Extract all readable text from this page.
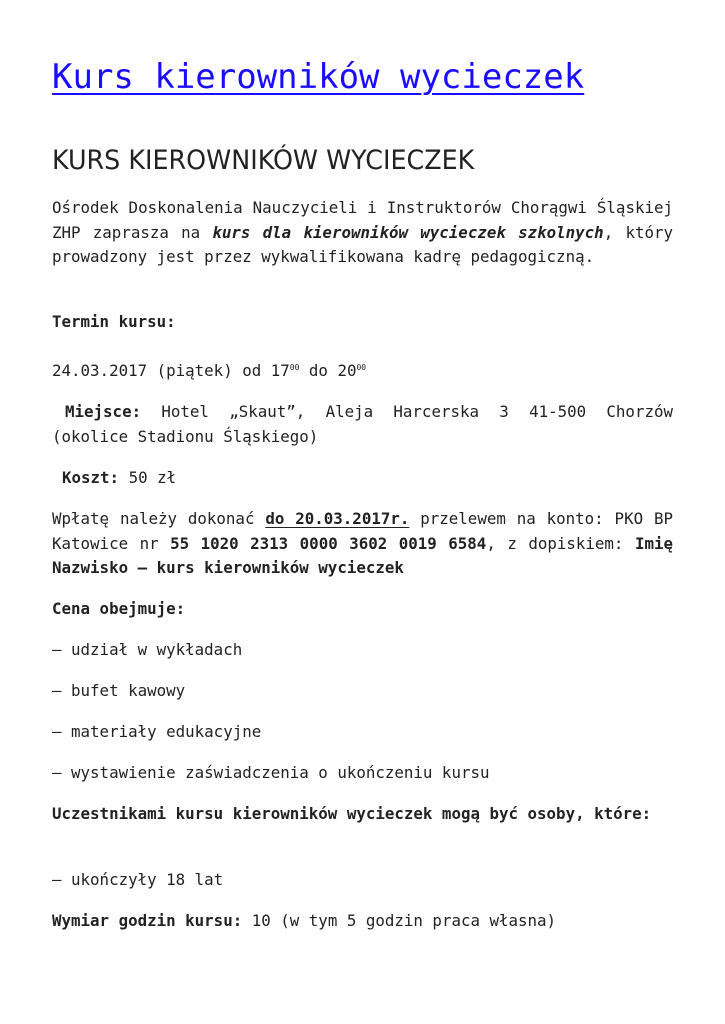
Kurs kierowników wycieczek
KURS KIEROWNIKÓW WYCIECZEK

Ośrodek Doskonalenia Nauczycieli i Instruktorów Chorągwi Śląskiej ZHP zaprasza na kurs dla kierowników wycieczek szkolnych, który prowadzony jest przez wykwalifikowana kadrę pedagogiczną.

Termin kursu:

24.03.2017 (piątek) od $17^{00}$ do $20^{00}$

Miejsce: Hotel „Skaut”, Aleja Harcerska 3 41-500 Chorzów (okolice Stadionu Śląskiego)

Koszt: 50 zł

Wpłatę należy dokonać do 20.03.2017r. przelewem na konto: PKO BP Katowice nr 55 1020 2313 0000 3602 0019 6584, z dopiskiem: Imię Nazwisko – kurs kierowników wycieczek

Cena obejmuje:

– udział w wykładach

– bufet kawowy

– materiały edukacyjne

– wystawienie zaświadczenia o ukończeniu kursu

Uczestnikami kursu kierowników wycieczek mogą być osoby, które:

– ukończyły 18 lat

Wymiar godzin kursu: 10 (w tym 5 godzin praca własna)
